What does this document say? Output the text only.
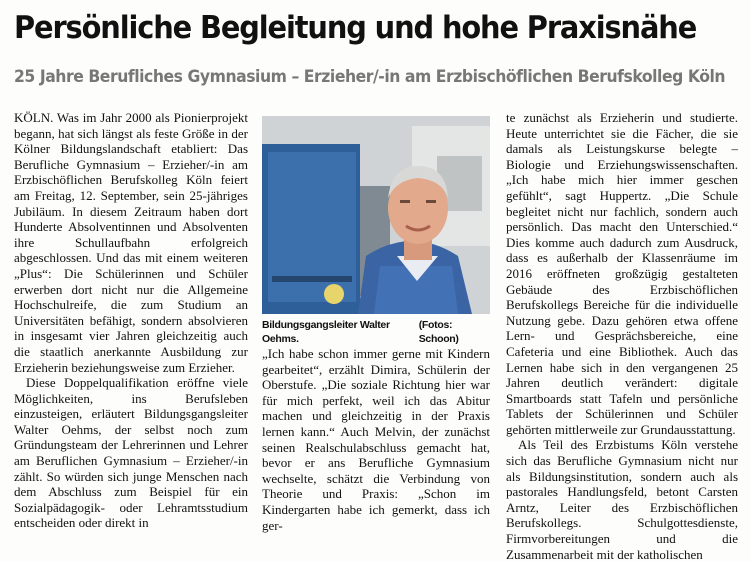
Persönliche Begleitung und hohe Praxisnähe
25 Jahre Berufliches Gymnasium – Erzieher/-in am Erzbischöflichen Berufskolleg Köln

KÖLN. Was im Jahr 2000 als Pionierprojekt begann, hat sich längst als feste Größe in der Kölner Bildungslandschaft etabliert: Das Berufliche Gymnasium – Erzieher/-in am Erzbischöflichen Berufskolleg Köln feiert am Freitag, 12. September, sein 25-jähriges Jubiläum. In diesem Zeitraum haben dort Hunderte Absolventinnen und Absolventen ihre Schullaufbahn erfolgreich abgeschlossen. Und das mit einem weiteren „Plus“: Die Schülerinnen und Schüler erwerben dort nicht nur die Allgemeine Hochschulreife, die zum Studium an Universitäten befähigt, sondern absolvieren in insgesamt vier Jahren gleichzeitig auch die staatlich anerkannte Ausbildung zur Erzieherin beziehungsweise zum Erzieher.

Diese Doppelqualifikation eröffne viele Möglichkeiten, ins Berufsleben einzusteigen, erläutert Bildungsgangsleiter Walter Oehms, der selbst noch zum Gründungsteam der Lehrerinnen und Lehrer am Beruflichen Gymnasium – Erzieher/-in zählt. So würden sich junge Menschen nach dem Abschluss zum Beispiel für ein Sozialpädagogik- oder Lehramtsstudium entscheiden oder direkt in

Bildungsgangsleiter Walter Oehms.
(Fotos: Schoon)

„Ich habe schon immer gerne mit Kindern gearbeitet“, erzählt Dimira, Schülerin der Oberstufe. „Die soziale Richtung hier war für mich perfekt, weil ich das Abitur machen und gleichzeitig in der Praxis lernen kann.“ Auch Melvin, der zunächst seinen Realschulabschluss gemacht hat, bevor er ans Berufliche Gymnasium wechselte, schätzt die Verbindung von Theorie und Praxis: „Schon im Kindergarten habe ich gemerkt, dass ich ger-

te zunächst als Erzieherin und studierte. Heute unterrichtet sie die Fächer, die sie damals als Leistungskurse belegte – Biologie und Erziehungswissenschaften. „Ich habe mich hier immer geschen gefühlt“, sagt Huppertz. „Die Schule begleitet nicht nur fachlich, sondern auch persönlich. Das macht den Unterschied.“ Dies komme auch dadurch zum Ausdruck, dass es außerhalb der Klassenräume im 2016 eröffneten großzügig gestalteten Gebäude des Erzbischöflichen Berufskollegs Bereiche für die individuelle Nutzung gebe. Dazu gehören etwa offene Lern- und Gesprächsbereiche, eine Cafeteria und eine Bibliothek. Auch das Lernen habe sich in den vergangenen 25 Jahren deutlich verändert: digitale Smartboards statt Tafeln und persönliche Tablets der Schülerinnen und Schüler gehörten mittlerweile zur Grundausstattung.

Als Teil des Erzbistums Köln verstehe sich das Berufliche Gymnasium nicht nur als Bildungsinstitution, sondern auch als pastorales Handlungsfeld, betont Carsten Arntz, Leiter des Erzbischöflichen Berufskollegs. Schulgottesdienste, Firmvorbereitungen und die Zusammenarbeit mit der katholischen
